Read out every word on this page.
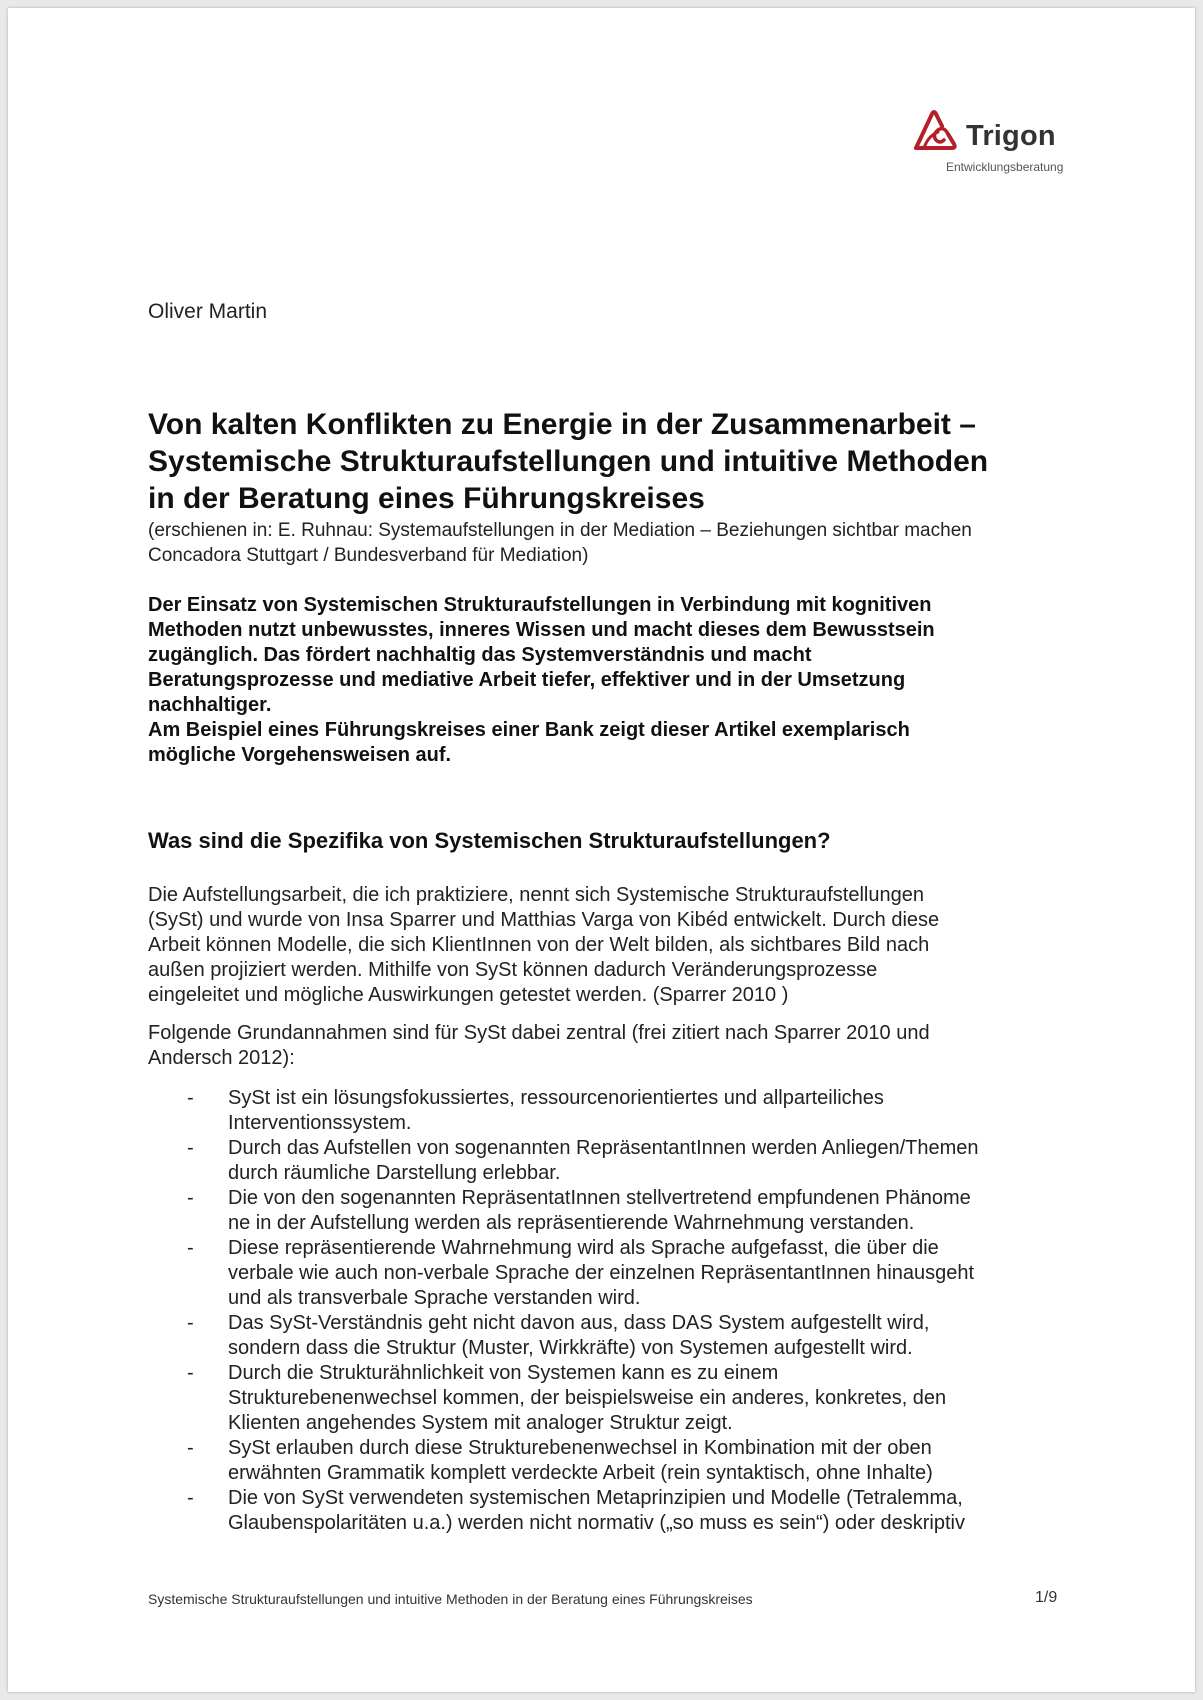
Trigon
Entwicklungsberatung
Oliver Martin
Von kalten Konflikten zu Energie in der Zusammenarbeit –
Systemische Strukturaufstellungen und intuitive Methoden
in der Beratung eines Führungskreises
(erschienen in: E. Ruhnau: Systemaufstellungen in der Mediation – Beziehungen sichtbar machen
Concadora Stuttgart / Bundesverband für Mediation)
Der Einsatz von Systemischen Strukturaufstellungen in Verbindung mit kognitiven
Methoden nutzt unbewusstes, inneres Wissen und macht dieses dem Bewusstsein
zugänglich. Das fördert nachhaltig das Systemverständnis und macht
Beratungsprozesse und mediative Arbeit tiefer, effektiver und in der Umsetzung
nachhaltiger.
Am Beispiel eines Führungskreises einer Bank zeigt dieser Artikel exemplarisch
mögliche Vorgehensweisen auf.
Was sind die Spezifika von Systemischen Strukturaufstellungen?
Die Aufstellungsarbeit, die ich praktiziere, nennt sich Systemische Strukturaufstellungen
(SySt) und wurde von Insa Sparrer und Matthias Varga von Kibéd entwickelt. Durch diese
Arbeit können Modelle, die sich KlientInnen von der Welt bilden, als sichtbares Bild nach
außen projiziert werden. Mithilfe von SySt können dadurch Veränderungsprozesse
eingeleitet und mögliche Auswirkungen getestet werden. (Sparrer 2010 )
Folgende Grundannahmen sind für SySt dabei zentral (frei zitiert nach Sparrer 2010 und
Andersch 2012):
- SySt ist ein lösungsfokussiertes, ressourcenorientiertes und allparteiliches
Interventionssystem.
- Durch das Aufstellen von sogenannten RepräsentantInnen werden Anliegen/Themen
durch räumliche Darstellung erlebbar.
- Die von den sogenannten RepräsentatInnen stellvertretend empfundenen Phänome
ne in der Aufstellung werden als repräsentierende Wahrnehmung verstanden.
- Diese repräsentierende Wahrnehmung wird als Sprache aufgefasst, die über die
verbale wie auch non-verbale Sprache der einzelnen RepräsentantInnen hinausgeht
und als transverbale Sprache verstanden wird.
- Das SySt-Verständnis geht nicht davon aus, dass DAS System aufgestellt wird,
sondern dass die Struktur (Muster, Wirkkräfte) von Systemen aufgestellt wird.
- Durch die Strukturähnlichkeit von Systemen kann es zu einem
Strukturebenenwechsel kommen, der beispielsweise ein anderes, konkretes, den
Klienten angehendes System mit analoger Struktur zeigt.
- SySt erlauben durch diese Strukturebenenwechsel in Kombination mit der oben
erwähnten Grammatik komplett verdeckte Arbeit (rein syntaktisch, ohne Inhalte)
- Die von SySt verwendeten systemischen Metaprinzipien und Modelle (Tetralemma,
Glaubenspolaritäten u.a.) werden nicht normativ („so muss es sein“) oder deskriptiv
Systemische Strukturaufstellungen und intuitive Methoden in der Beratung eines Führungskreises	1/9
